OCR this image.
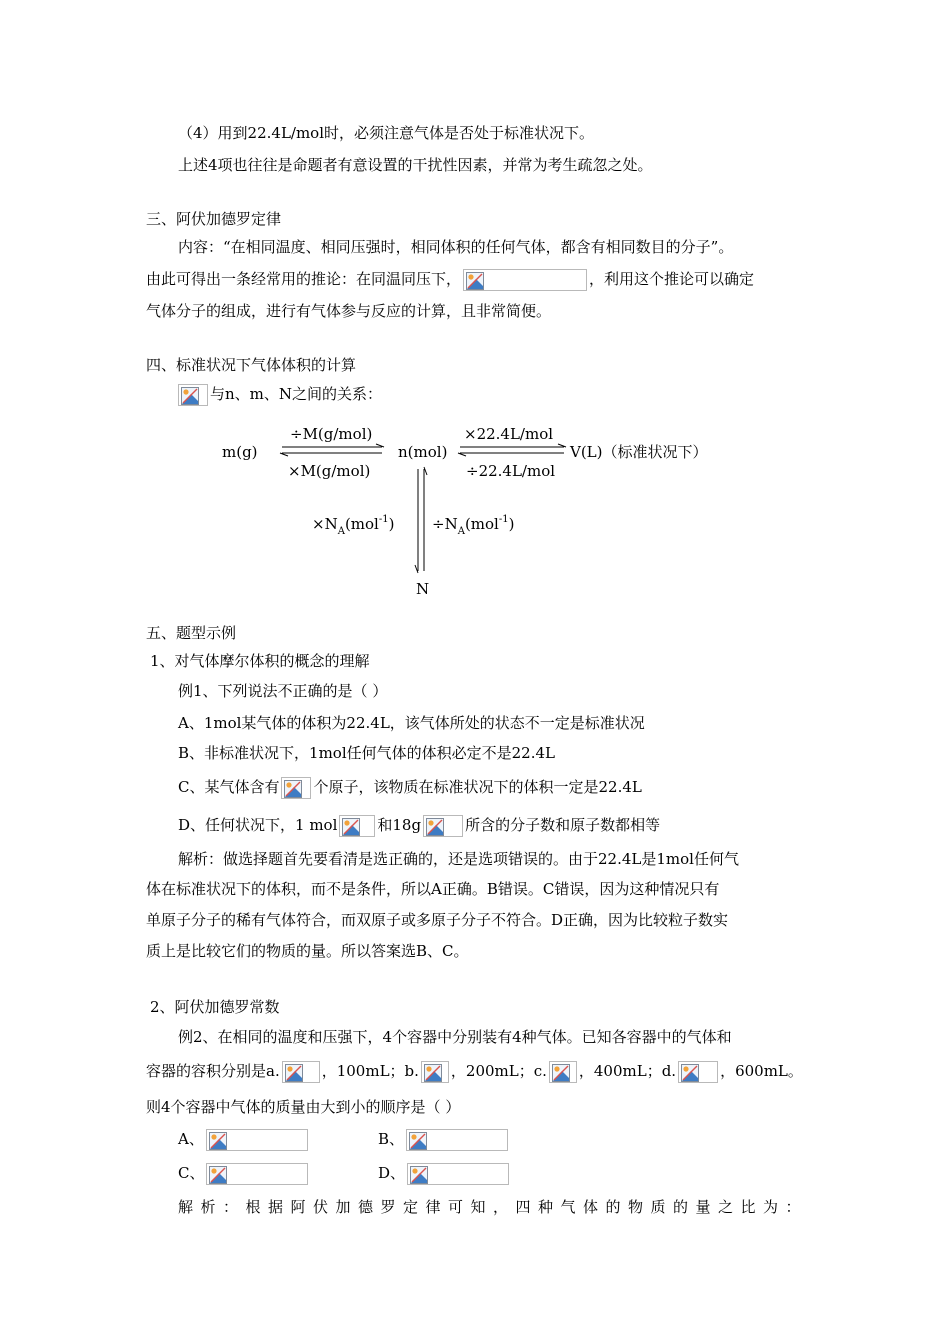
（4）用到22.4L/mol时，必须注意气体是否处于标准状况下。
上述4项也往往是命题者有意设置的干扰性因素，并常为考生疏忽之处。
三、阿伏加德罗定律
内容：“在相同温度、相同压强时，相同体积的任何气体，都含有相同数目的分子”。
由此可得出一条经常用的推论：在同温同压下，	，利用这个推论可以确定
气体分子的组成，进行有气体参与反应的计算，且非常简便。
四、标准状况下气体体积的计算
与n、m、N之间的关系：
m(g)	n(mol)	V(L)（标准状况下）
÷M(g/mol)
×M(g/mol)
×22.4L/mol
÷22.4L/mol
$\times N_A(mol^{-1})$	$\div N_A(mol^{-1})$
N
五、题型示例
1、对气体摩尔体积的概念的理解
例1、下列说法不正确的是（ ）
A、1mol某气体的体积为22.4L，该气体所处的状态不一定是标准状况
B、非标准状况下，1mol任何气体的体积必定不是22.4L
C、某气体含有 个原子，该物质在标准状况下的体积一定是22.4L
D、任何状况下，1 mol	和18g	所含的分子数和原子数都相等
解析：做选择题首先要看清是选正确的，还是选项错误的。由于22.4L是1mol任何气
体在标准状况下的体积，而不是条件，所以A正确。B错误。C错误，因为这种情况只有
单原子分子的稀有气体符合，而双原子或多原子分子不符合。D正确，因为比较粒子数实
质上是比较它们的物质的量。所以答案选B、C。
2、阿伏加德罗常数
例2、在相同的温度和压强下，4个容器中分别装有4种气体。已知各容器中的气体和
容器的容积分别是a.	，100mL；b. ，200mL；c. ，400mL；d.	，600mL。
则4个容器中气体的质量由大到小的顺序是（ ）
A、	B、
C、	D、
解析：根据阿伏加德罗定律可知，四种气体的物质的量之比为：
